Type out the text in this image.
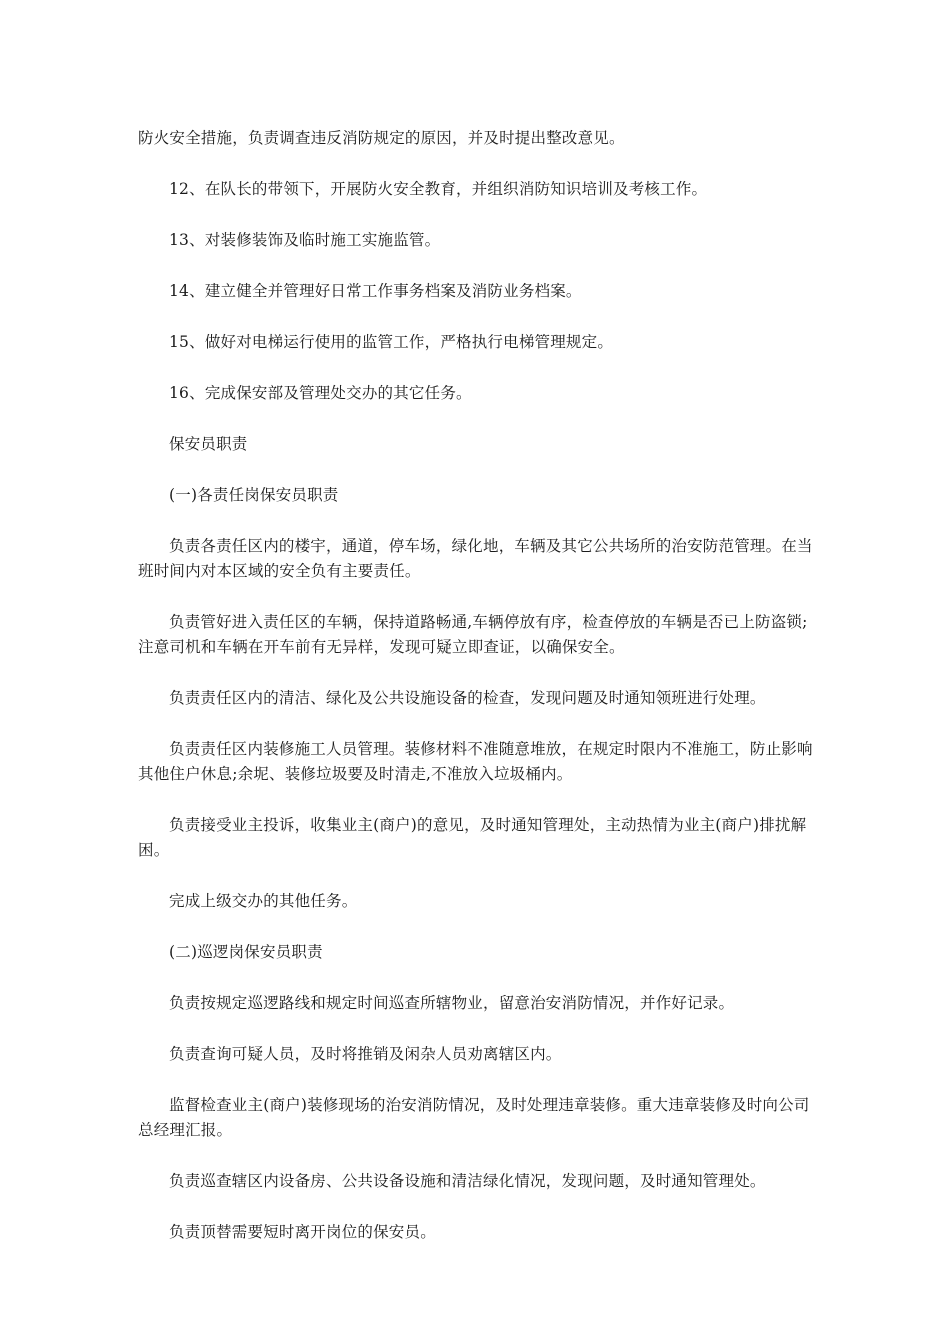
防火安全措施，负责调查违反消防规定的原因，并及时提出整改意见。

12、在队长的带领下，开展防火安全教育，并组织消防知识培训及考核工作。

13、对装修装饰及临时施工实施监管。

14、建立健全并管理好日常工作事务档案及消防业务档案。

15、做好对电梯运行使用的监管工作，严格执行电梯管理规定。

16、完成保安部及管理处交办的其它任务。

保安员职责

(一)各责任岗保安员职责

负责各责任区内的楼宇，通道，停车场，绿化地，车辆及其它公共场所的治安防范管理。在当班时间内对本区域的安全负有主要责任。

负责管好进入责任区的车辆，保持道路畅通,车辆停放有序，检查停放的车辆是否已上防盗锁;注意司机和车辆在开车前有无异样，发现可疑立即查证，以确保安全。

负责责任区内的清洁、绿化及公共设施设备的检查，发现问题及时通知领班进行处理。

负责责任区内装修施工人员管理。装修材料不准随意堆放，在规定时限内不准施工，防止影响其他住户休息;余坭、装修垃圾要及时清走,不准放入垃圾桶内。

负责接受业主投诉，收集业主(商户)的意见，及时通知管理处，主动热情为业主(商户)排扰解困。

完成上级交办的其他任务。

(二)巡逻岗保安员职责

负责按规定巡逻路线和规定时间巡查所辖物业，留意治安消防情况，并作好记录。

负责查询可疑人员，及时将推销及闲杂人员劝离辖区内。

监督检查业主(商户)装修现场的治安消防情况，及时处理违章装修。重大违章装修及时向公司总经理汇报。

负责巡查辖区内设备房、公共设备设施和清洁绿化情况，发现问题，及时通知管理处。

负责顶替需要短时离开岗位的保安员。
